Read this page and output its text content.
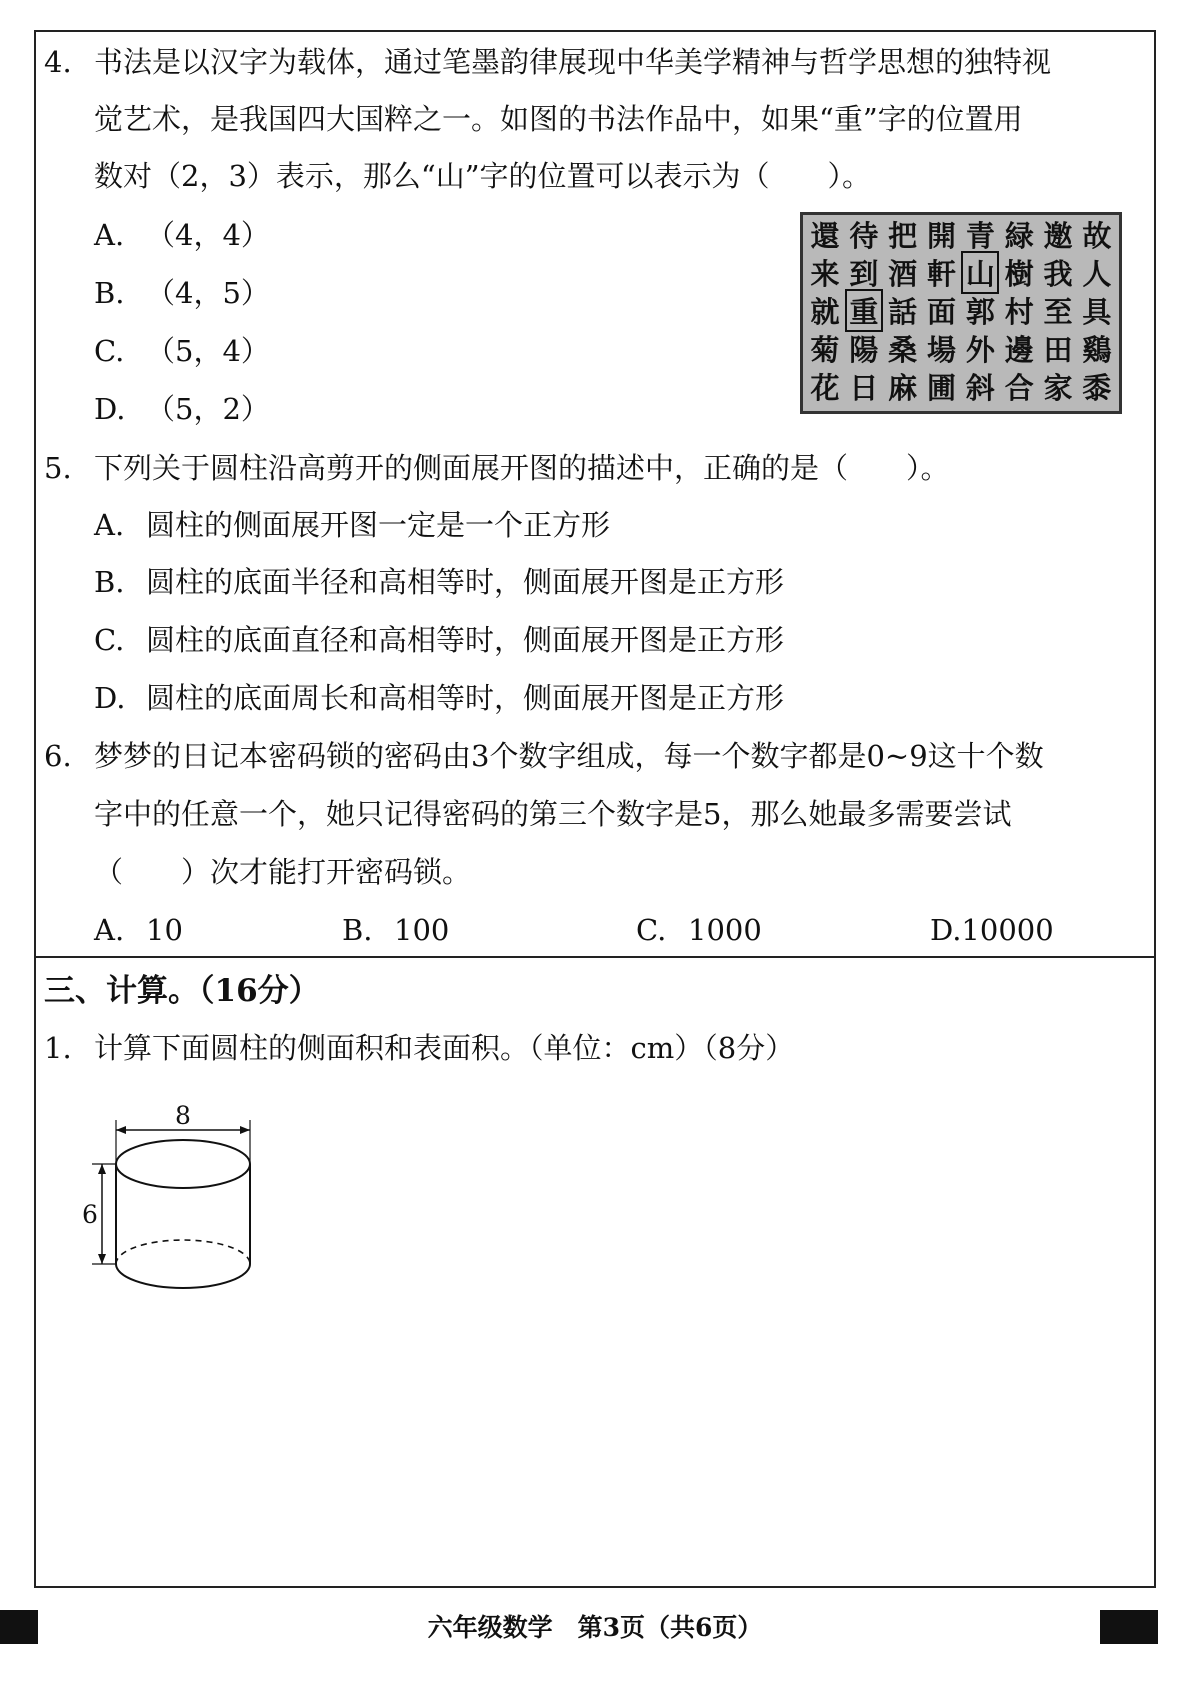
4. 书法是以汉字为载体，通过笔墨韵律展现中华美学精神与哲学思想的独特视
觉艺术，是我国四大国粹之一。如图的书法作品中，如果“重”字的位置用
数对（2，3）表示，那么“山”字的位置可以表示为（　　）。
A. （4，4）
B. （4，5）
C. （5，4）
D. （5，2）
還 待 把 開 青 緑 邀 故
来 到 酒 軒 山 樹 我 人
就 重 話 面 郭 村 至 具
菊 陽 桑 場 外 邊 田 鷄
花 日 麻 圃 斜 合 家 黍
5. 下列关于圆柱沿高剪开的侧面展开图的描述中，正确的是（　　）。
A. 圆柱的侧面展开图一定是一个正方形
B. 圆柱的底面半径和高相等时，侧面展开图是正方形
C. 圆柱的底面直径和高相等时，侧面展开图是正方形
D. 圆柱的底面周长和高相等时，侧面展开图是正方形
6. 梦梦的日记本密码锁的密码由3个数字组成，每一个数字都是0~9这十个数
字中的任意一个，她只记得密码的第三个数字是5，那么她最多需要尝试
（　　）次才能打开密码锁。
A. 10	B. 100	C. 1000	D.10000
三、计算。（16分）
1. 计算下面圆柱的侧面积和表面积。（单位：cm）（8分）
8
6
六年级数学　第3页（共6页）
